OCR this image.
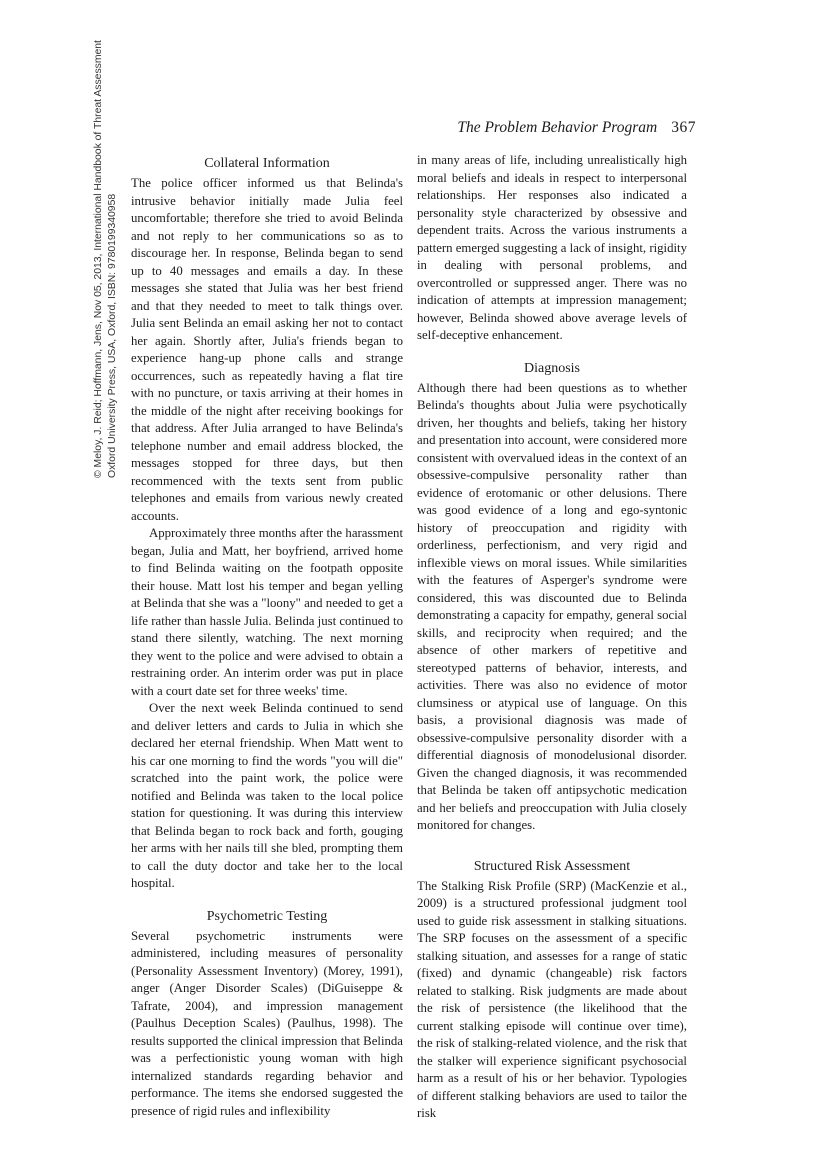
The Problem Behavior Program 367
© Meloy, J. Reid; Hoffmann, Jens, Nov 05, 2013, International Handbook of Threat Assessment Oxford University Press, USA, Oxford, ISBN: 9780199340958
Collateral Information

The police officer informed us that Belinda's intrusive behavior initially made Julia feel uncomfortable; therefore she tried to avoid Belinda and not reply to her communications so as to discourage her. In response, Belinda began to send up to 40 messages and emails a day. In these messages she stated that Julia was her best friend and that they needed to meet to talk things over. Julia sent Belinda an email asking her not to contact her again. Shortly after, Julia's friends began to experience hang-up phone calls and strange occurrences, such as repeatedly having a flat tire with no puncture, or taxis arriving at their homes in the middle of the night after receiving bookings for that address. After Julia arranged to have Belinda's telephone number and email address blocked, the messages stopped for three days, but then recommenced with the texts sent from public telephones and emails from various newly created accounts.

Approximately three months after the harassment began, Julia and Matt, her boyfriend, arrived home to find Belinda waiting on the footpath opposite their house. Matt lost his temper and began yelling at Belinda that she was a "loony" and needed to get a life rather than hassle Julia. Belinda just continued to stand there silently, watching. The next morning they went to the police and were advised to obtain a restraining order. An interim order was put in place with a court date set for three weeks' time.

Over the next week Belinda continued to send and deliver letters and cards to Julia in which she declared her eternal friendship. When Matt went to his car one morning to find the words "you will die" scratched into the paint work, the police were notified and Belinda was taken to the local police station for questioning. It was during this interview that Belinda began to rock back and forth, gouging her arms with her nails till she bled, prompting them to call the duty doctor and take her to the local hospital.

Psychometric Testing

Several psychometric instruments were administered, including measures of personality (Personality Assessment Inventory) (Morey, 1991), anger (Anger Disorder Scales) (DiGuiseppe & Tafrate, 2004), and impression management (Paulhus Deception Scales) (Paulhus, 1998). The results supported the clinical impression that Belinda was a perfectionistic young woman with high internalized standards regarding behavior and performance. The items she endorsed suggested the presence of rigid rules and inflexibility

in many areas of life, including unrealistically high moral beliefs and ideals in respect to interpersonal relationships. Her responses also indicated a personality style characterized by obsessive and dependent traits. Across the various instruments a pattern emerged suggesting a lack of insight, rigidity in dealing with personal problems, and overcontrolled or suppressed anger. There was no indication of attempts at impression management; however, Belinda showed above average levels of self-deceptive enhancement.

Diagnosis

Although there had been questions as to whether Belinda's thoughts about Julia were psychotically driven, her thoughts and beliefs, taking her history and presentation into account, were considered more consistent with overvalued ideas in the context of an obsessive-compulsive personality rather than evidence of erotomanic or other delusions. There was good evidence of a long and ego-syntonic history of preoccupation and rigidity with orderliness, perfectionism, and very rigid and inflexible views on moral issues. While similarities with the features of Asperger's syndrome were considered, this was discounted due to Belinda demonstrating a capacity for empathy, general social skills, and reciprocity when required; and the absence of other markers of repetitive and stereotyped patterns of behavior, interests, and activities. There was also no evidence of motor clumsiness or atypical use of language. On this basis, a provisional diagnosis was made of obsessive-compulsive personality disorder with a differential diagnosis of monodelusional disorder. Given the changed diagnosis, it was recommended that Belinda be taken off antipsychotic medication and her beliefs and preoccupation with Julia closely monitored for changes.

Structured Risk Assessment

The Stalking Risk Profile (SRP) (MacKenzie et al., 2009) is a structured professional judgment tool used to guide risk assessment in stalking situations. The SRP focuses on the assessment of a specific stalking situation, and assesses for a range of static (fixed) and dynamic (changeable) risk factors related to stalking. Risk judgments are made about the risk of persistence (the likelihood that the current stalking episode will continue over time), the risk of stalking-related violence, and the risk that the stalker will experience significant psychosocial harm as a result of his or her behavior. Typologies of different stalking behaviors are used to tailor the risk
